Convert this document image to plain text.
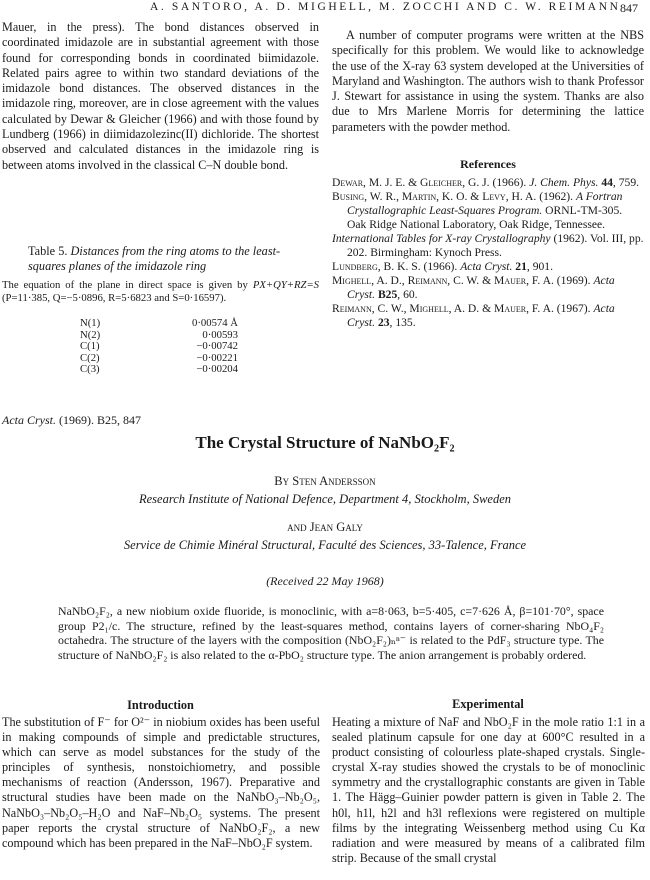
A. SANTORO, A. D. MIGHELL, M. ZOCCHI AND C. W. REIMANN 847
Mauer, in the press). The bond distances observed in coordinated imidazole are in substantial agreement with those found for corresponding bonds in coordinated biimidazole. Related pairs agree to within two standard deviations of the imidazole bond distances. The observed distances in the imidazole ring, moreover, are in close agreement with the values calculated by Dewar & Gleicher (1966) and with those found by Lundberg (1966) in diimidazolezinc(II) dichloride. The shortest observed and calculated distances in the imidazole ring is between atoms involved in the classical C–N double bond.
Table 5. Distances from the ring atoms to the least-squares planes of the imidazole ring
The equation of the plane in direct space is given by PX+QY+RZ=S (P=11·385, Q=−5·0896, R=5·6823 and S=0·16597).
N(1)	0·00574 Å
N(2)	0·00593
C(1)	−0·00742
C(2)	−0·00221
C(3)	−0·00204
A number of computer programs were written at the NBS specifically for this problem. We would like to acknowledge the use of the X-ray 63 system developed at the Universities of Maryland and Washington. The authors wish to thank Professor J. Stewart for assistance in using the system. Thanks are also due to Mrs Marlene Morris for determining the lattice parameters with the powder method.
References

Dewar, M. J. E. & Gleicher, G. J. (1966). J. Chem. Phys. 44, 759.

Busing, W. R., Martin, K. O. & Levy, H. A. (1962). A Fortran Crystallographic Least-Squares Program. ORNL-TM-305. Oak Ridge National Laboratory, Oak Ridge, Tennessee.

International Tables for X-ray Crystallography (1962). Vol. III, pp. 202. Birmingham: Kynoch Press.

Lundberg, B. K. S. (1966). Acta Cryst. 21, 901.

Mighell, A. D., Reimann, C. W. & Mauer, F. A. (1969). Acta Cryst. B25, 60.

Reimann, C. W., Mighell, A. D. & Mauer, F. A. (1967). Acta Cryst. 23, 135.

Acta Cryst. (1969). B25, 847
The Crystal Structure of NaNbO₂F₂
By Sten Andersson
Research Institute of National Defence, Department 4, Stockholm, Sweden
and Jean Galy
Service de Chimie Minéral Structural, Faculté des Sciences, 33-Talence, France
(Received 22 May 1968)
NaNbO₂F₂, a new niobium oxide fluoride, is monoclinic, with a=8·063, b=5·405, c=7·626 Å, β=101·70°, space group P2₁/c. The structure, refined by the least-squares method, contains layers of corner-sharing NbO₄F₂ octahedra. The structure of the layers with the composition (NbO₂F₂)ₙⁿ⁻ is related to the PdF₃ structure type. The structure of NaNbO₂F₂ is also related to the α-PbO₂ structure type. The anion arrangement is probably ordered.
Introduction
The substitution of F⁻ for O²⁻ in niobium oxides has been useful in making compounds of simple and predictable structures, which can serve as model substances for the study of the principles of synthesis, nonstoichiometry, and possible mechanisms of reaction (Andersson, 1967). Preparative and structural studies have been made on the NaNbO₃–Nb₂O₅, NaNbO₃–Nb₂O₅–H₂O and NaF–Nb₂O₅ systems. The present paper reports the crystal structure of NaNbO₂F₂, a new compound which has been prepared in the NaF–NbO₂F system.
Experimental
Heating a mixture of NaF and NbO₂F in the mole ratio 1:1 in a sealed platinum capsule for one day at 600°C resulted in a product consisting of colourless plate-shaped crystals. Single-crystal X-ray studies showed the crystals to be of monoclinic symmetry and the crystallographic constants are given in Table 1. The Hägg–Guinier powder pattern is given in Table 2. The h0l, h1l, h2l and h3l reflexions were registered on multiple films by the integrating Weissenberg method using Cu Kα radiation and were measured by means of a calibrated film strip. Because of the small crystal
